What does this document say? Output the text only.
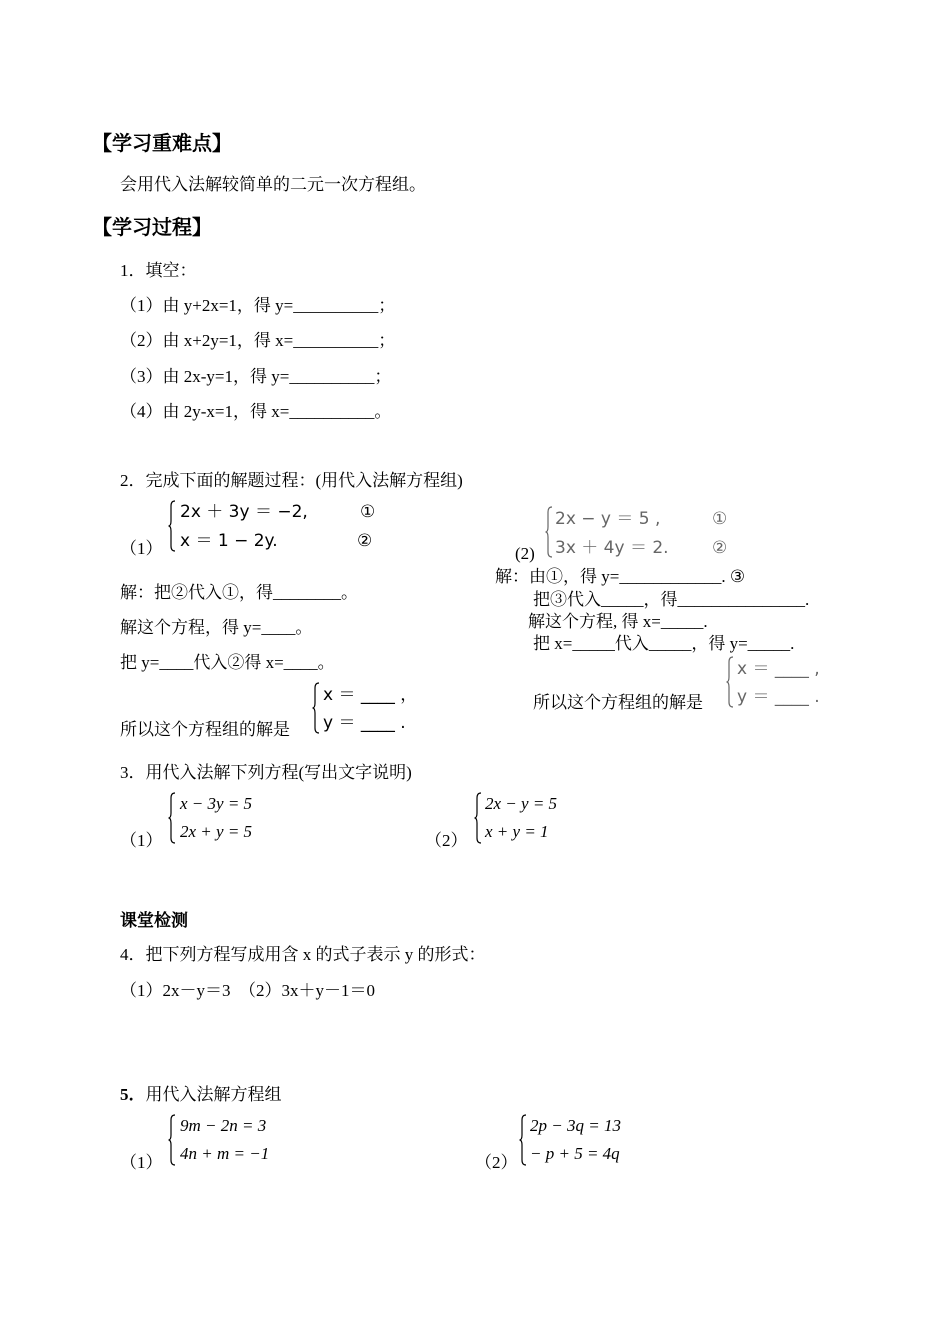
【学习重难点】
会用代入法解较简单的二元一次方程组。
【学习过程】
1．填空：
（1）由 y+2x=1，得 y=__________；
（2）由 x+2y=1，得 x=__________；
（3）由 2x-y=1，得 y=__________；
（4）由 2y-x=1，得 x=__________。
2．完成下面的解题过程：(用代入法解方程组)
（1）
2x ＋ 3y ＝ −2,	①
x ＝ 1 − 2y.	②
解：把②代入①，得________。
解这个方程，得 y=____。
把 y=____代入②得 x=____。
所以这个方程组的解是
x ＝ ____ ，
y ＝ ____ .
2x − y ＝ 5 ,	①
3x ＋ 4y ＝ 2.	②
(2)
解：由①，得 y=____________. ③
把③代入_____，得_______________.
解这个方程, 得 x=_____.
把 x=_____代入_____，得 y=_____.
所以这个方程组的解是
x ＝ ____ ,
y ＝ ____ .
3．用代入法解下列方程(写出文字说明)
（1）
x − 3y = 5
2x + y = 5	（2）
2x − y = 5
x + y = 1
课堂检测
4．把下列方程写成用含 x 的式子表示 y 的形式：
（1）2x－y＝3　（2）3x＋y－1＝0
5．用代入法解方程组
（1）
9m − 2n = 3
4n + m = −1	（2）
2p − 3q = 13
− p + 5 = 4q
